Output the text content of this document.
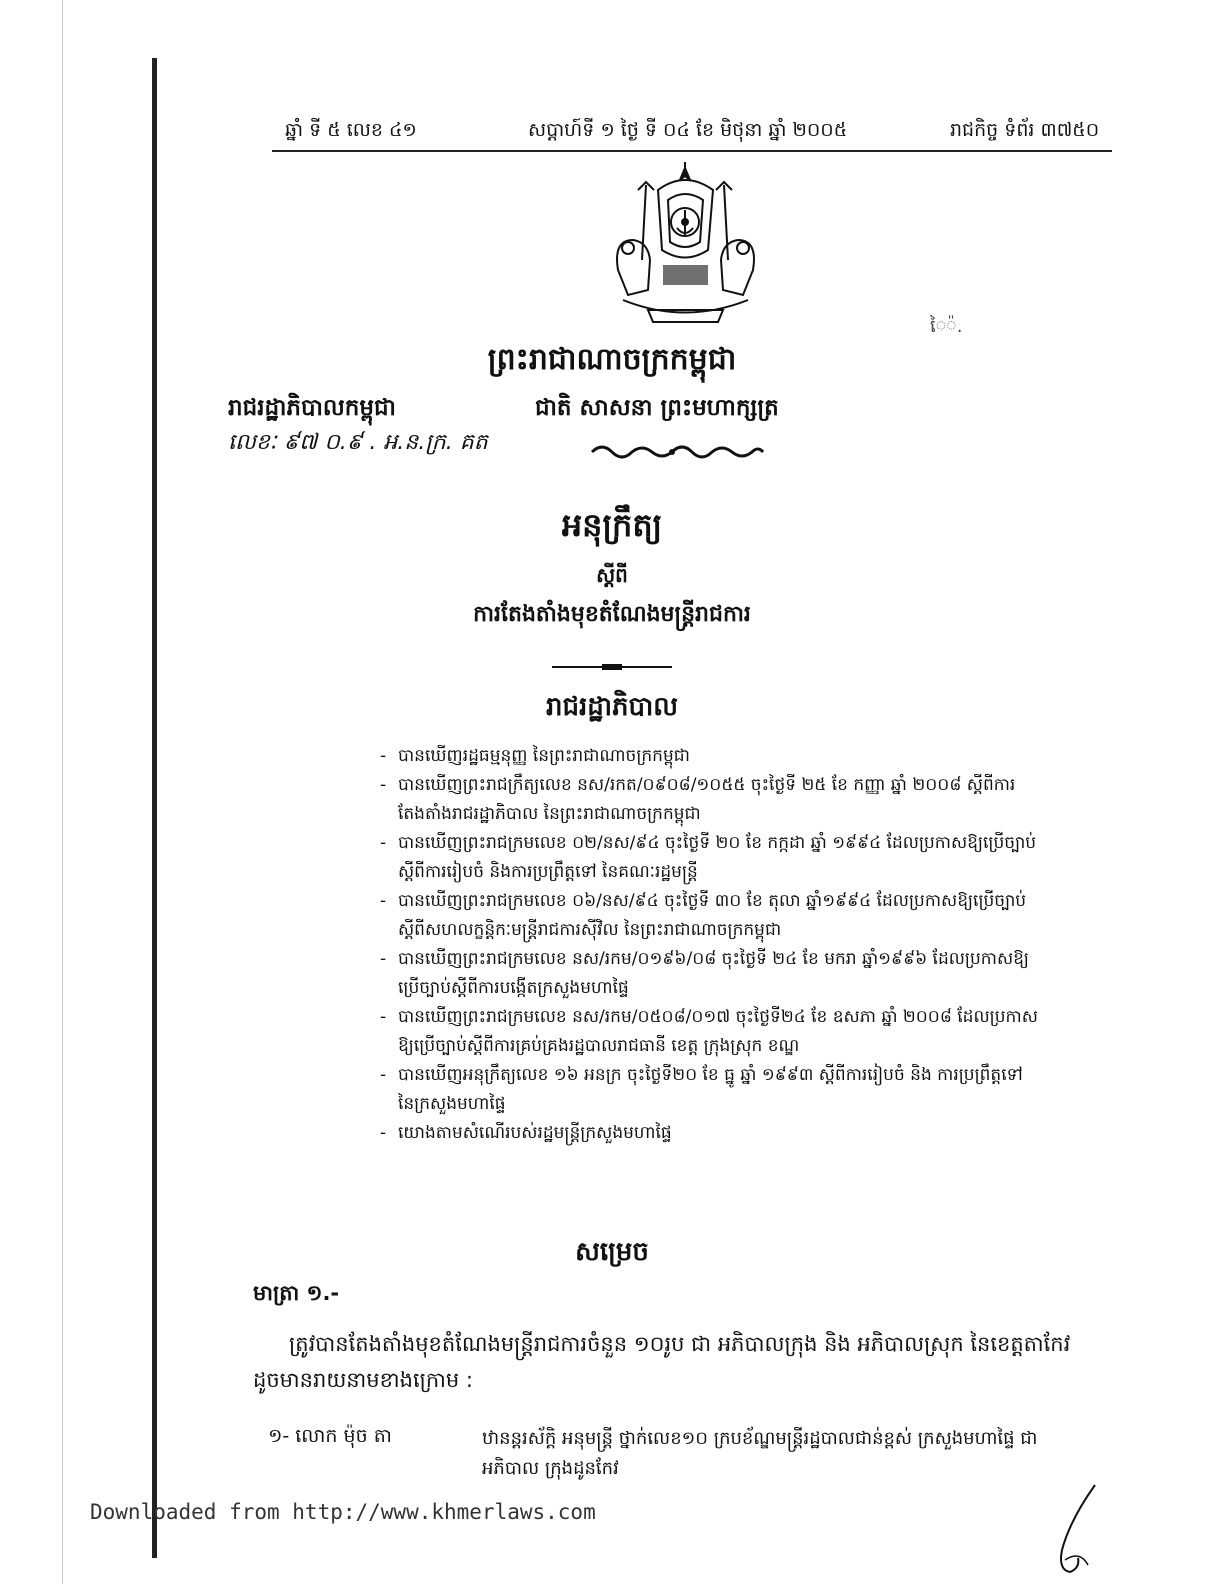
ឆ្នាំ ទី ៥ លេខ ៤១	សប្តាហ៍ទី ១ ថ្ងៃ ទី ០៤ ខែ មិថុនា ឆ្នាំ ២០០៥	រាជកិច្ច ទំព័រ ៣៧៥០
ៃ៉.
ព្រះរាជាណាចក្រកម្ពុជា
រាជរដ្ឋាភិបាលកម្ពុជា	ជាតិ សាសនា ព្រះមហាក្សត្រ
លេខៈ ៩៧ ០.៩ . អ.ន.ក្រ. គត
អនុក្រឹត្យ
ស្តីពី
ការតែងតាំងមុខតំណែងមន្ត្រីរាជការ
រាជរដ្ឋាភិបាល
- បានឃើញរដ្ឋធម្មនុញ្ញ នៃព្រះរាជាណាចក្រកម្ពុជា
- បានឃើញព្រះរាជក្រឹត្យលេខ នស/រកត/០៩០៨/១០៥៥ ចុះថ្ងៃទី ២៥ ខែ កញ្ញា ឆ្នាំ ២០០៨ ស្តីពីការ
តែងតាំងរាជរដ្ឋាភិបាល នៃព្រះរាជាណាចក្រកម្ពុជា
- បានឃើញព្រះរាជក្រមលេខ ០២/នស/៩៤ ចុះថ្ងៃទី ២០ ខែ កក្កដា ឆ្នាំ ១៩៩៤ ដែលប្រកាសឱ្យប្រើច្បាប់
ស្តីពីការរៀបចំ និងការប្រព្រឹត្តទៅ នៃគណៈរដ្ឋមន្ត្រី
- បានឃើញព្រះរាជក្រមលេខ ០៦/នស/៩៤ ចុះថ្ងៃទី ៣០ ខែ តុលា ឆ្នាំ១៩៩៤ ដែលប្រកាសឱ្យប្រើច្បាប់
ស្តីពីសហលក្ខន្តិកៈមន្ត្រីរាជការស៊ីវិល នៃព្រះរាជាណាចក្រកម្ពុជា
- បានឃើញព្រះរាជក្រមលេខ នស/រកម/០១៩៦/០៨ ចុះថ្ងៃទី ២៤ ខែ មករា ឆ្នាំ១៩៩៦ ដែលប្រកាសឱ្យ
ប្រើច្បាប់ស្តីពីការបង្កើតក្រសួងមហាផ្ទៃ
- បានឃើញព្រះរាជក្រមលេខ នស/រកម/០៥០៨/០១៧ ចុះថ្ងៃទី២៤ ខែ ឧសភា ឆ្នាំ ២០០៨ ដែលប្រកាស
ឱ្យប្រើច្បាប់ស្តីពីការគ្រប់គ្រងរដ្ឋបាលរាជធានី ខេត្ត ក្រុងស្រុក ខណ្ឌ
- បានឃើញអនុក្រឹត្យលេខ ១៦ អនក្រ ចុះថ្ងៃទី២០ ខែ ធ្នូ ឆ្នាំ ១៩៩៣ ស្តីពីការរៀបចំ និង ការប្រព្រឹត្តទៅ
នៃក្រសួងមហាផ្ទៃ
- យោងតាមសំណើរបស់រដ្ឋមន្ត្រីក្រសួងមហាផ្ទៃ
សម្រេច
មាត្រា ១.-
ត្រូវបានតែងតាំងមុខតំណែងមន្ត្រីរាជការចំនួន ១០រូប ជា អភិបាលក្រុង និង អភិបាលស្រុក នៃខេត្តតាកែវ ដូចមានរាយនាមខាងក្រោម :
១- លោក ម៉ុច តា	ឋានន្តរស័ក្តិ អនុមន្ត្រី ថ្នាក់លេខ១០ ក្របខ័ណ្ឌមន្ត្រីរដ្ឋបាលជាន់ខ្ពស់ ក្រសួងមហាផ្ទៃ ជាអភិបាល ក្រុងដូនកែវ
Downloaded from http://www.khmerlaws.com
